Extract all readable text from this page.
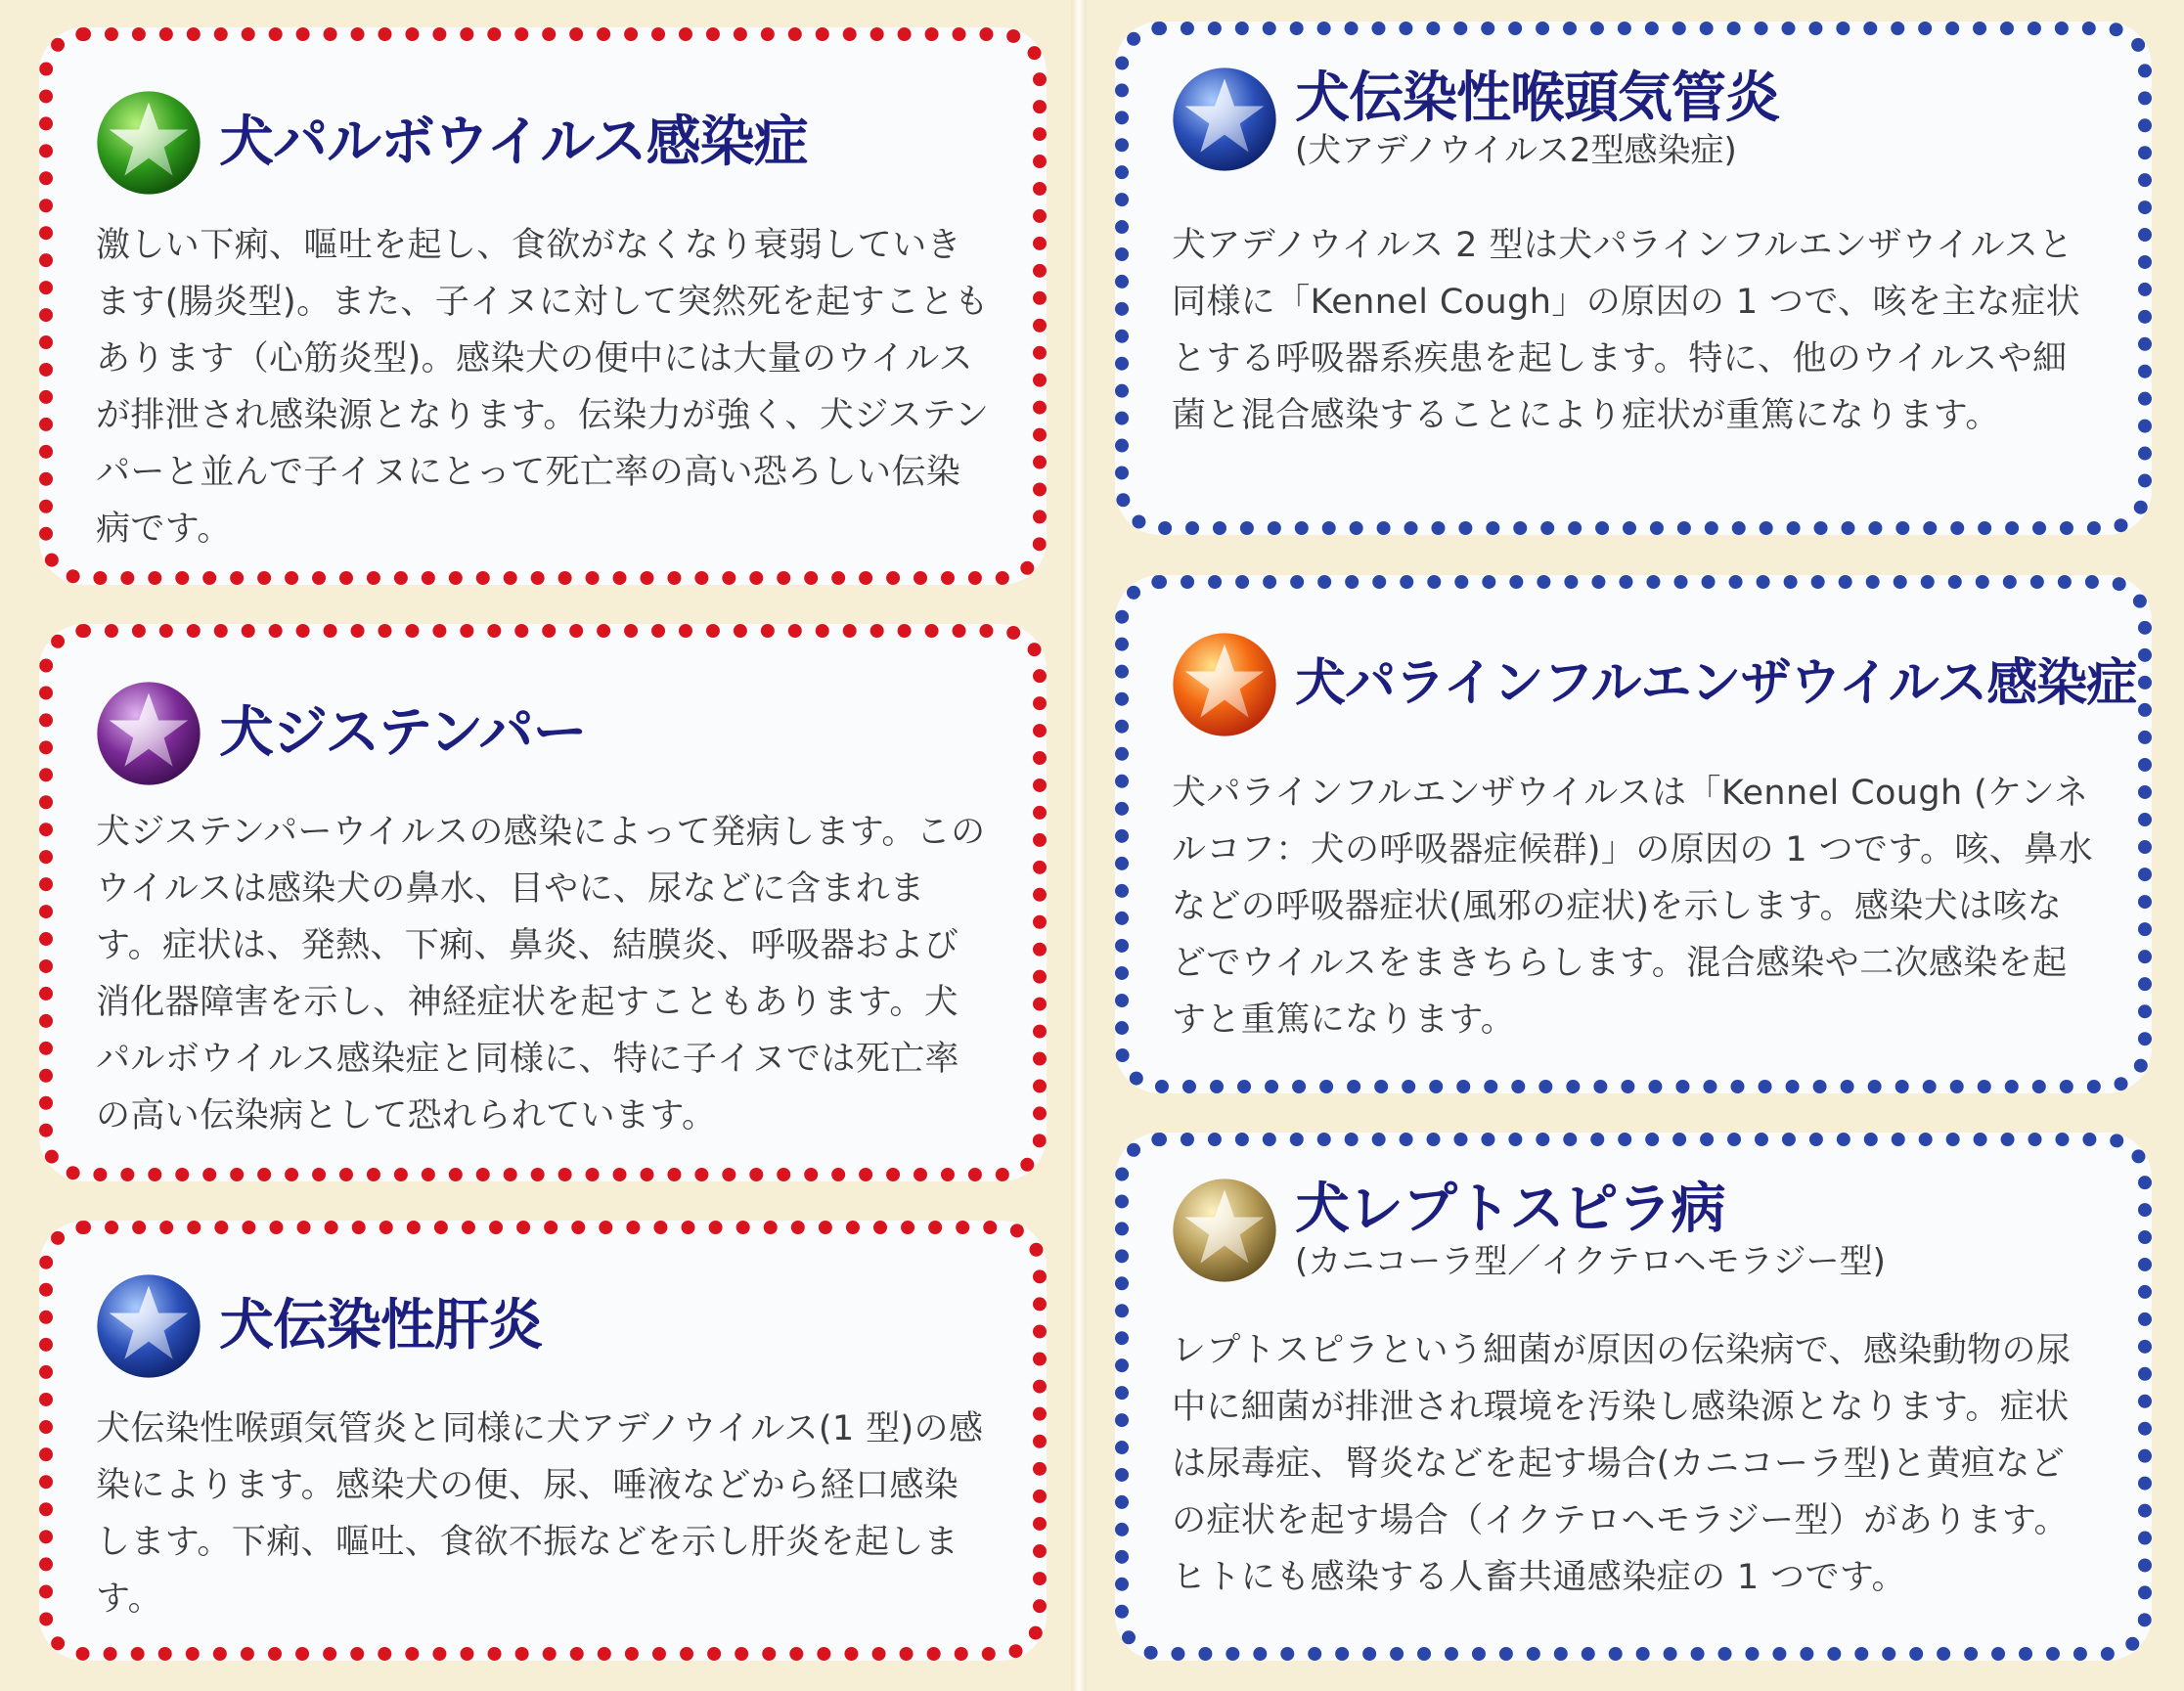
犬パルボウイルス感染症
激しい下痢、嘔吐を起し、食欲がなくなり衰弱していきます(腸炎型)。また、子イヌに対して突然死を起すこともあります（心筋炎型)。感染犬の便中には大量のウイルスが排泄され感染源となります。伝染力が強く、犬ジステンパーと並んで子イヌにとって死亡率の高い恐ろしい伝染病です。
犬ジステンパー
犬ジステンパーウイルスの感染によって発病します。このウイルスは感染犬の鼻水、目やに、尿などに含まれます。症状は、発熱、下痢、鼻炎、結膜炎、呼吸器および消化器障害を示し、神経症状を起すこともあります。犬パルボウイルス感染症と同様に、特に子イヌでは死亡率の高い伝染病として恐れられています。
犬伝染性肝炎
犬伝染性喉頭気管炎と同様に犬アデノウイルス(1 型)の感染によります。感染犬の便、尿、唾液などから経口感染します。下痢、嘔吐、食欲不振などを示し肝炎を起します。
犬伝染性喉頭気管炎
(犬アデノウイルス2型感染症)
犬アデノウイルス 2 型は犬パラインフルエンザウイルスと同様に「Kennel Cough」の原因の 1 つで、咳を主な症状とする呼吸器系疾患を起します。特に、他のウイルスや細菌と混合感染することにより症状が重篤になります。
犬パラインフルエンザウイルス感染症
犬パラインフルエンザウイルスは「Kennel Cough (ケンネルコフ：犬の呼吸器症候群)」の原因の 1 つです。咳、鼻水などの呼吸器症状(風邪の症状)を示します。感染犬は咳などでウイルスをまきちらします。混合感染や二次感染を起すと重篤になります。
犬レプトスピラ病
(カニコーラ型／イクテロヘモラジー型)
レプトスピラという細菌が原因の伝染病で、感染動物の尿中に細菌が排泄され環境を汚染し感染源となります。症状は尿毒症、腎炎などを起す場合(カニコーラ型)と黄疸などの症状を起す場合（イクテロヘモラジー型）があります。ヒトにも感染する人畜共通感染症の 1 つです。
